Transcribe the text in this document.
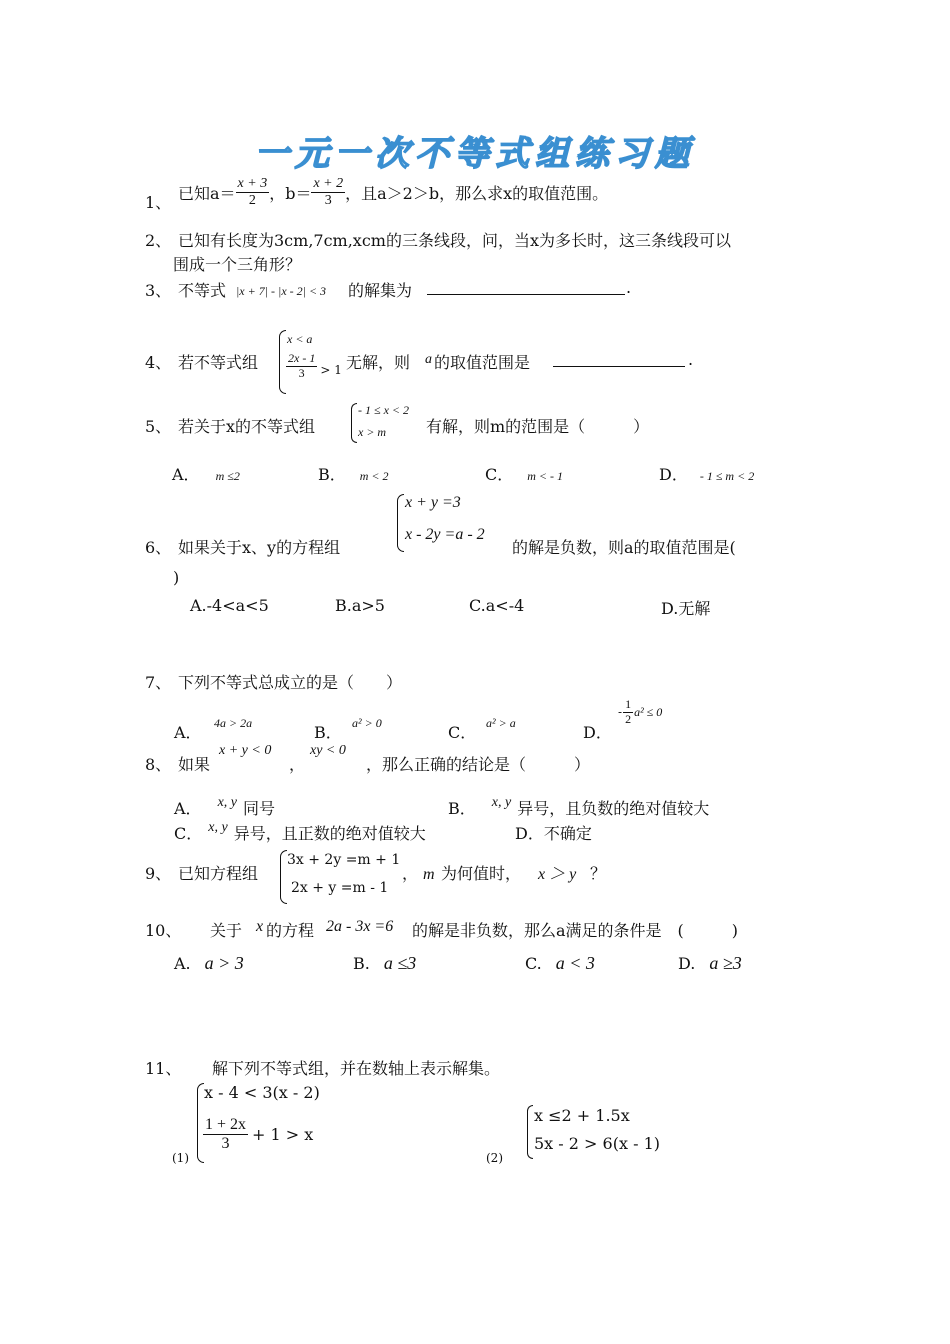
一元一次不等式组练习题
1、 已知$a= \frac{x + 3}{2}$ ，$b= \frac{x + 2}{3}$ ，且a＞2＞b，那么求x的取值范围。
2、 已知有长度为3cm,7cm,xcm的三条线段，问，当x为多长时，这三条线段可以
围成一个三角形？
3、 不等式 |x + 7| - |x - 2| < 3 的解集为	.
4、 若不等式组
x < a
$\frac{2x - 1}{3} > 1$ 无解，则 a 的取值范围是	.
5、 若关于x的不等式组
- 1 ≤ x < 2
x > m 有解，则m的范围是（　　　）
A． m ≤2	B． m < 2	C． m < - 1	D． - 1 ≤ m < 2
6、 如果关于x、y的方程组
x + y =3
x - 2y =a - 2
的解是负数，则a的取值范围是(
)
A.-4<a<5	B.a>5	C.a<-4	D.无解
7、 下列不等式总成立的是（　　）
A． 4a > 2a	B． a² > 0	C． a² > a	D．
- $\frac{1}{2} a^2 \le 0$
8、 如果
x + y < 0
，
xy < 0
，那么正确的结论是（　　　）
A． x, y 同号	B． x, y 异号，且负数的绝对值较大
C． x, y 异号，且正数的绝对值较大	D．不确定
9、 已知方程组
3x + 2y =m + 1
2x + y =m - 1
， m 为何值时， x ＞ y ？
10、 关于 x 的方程 2a - 3x =6 的解是非负数，那么a满足的条件是　(　　　)
A. a > 3	B. a ≤3	C. a < 3	D. a ≥3
11、 解下列不等式组，并在数轴上表示解集。
(1)
x - 4 < 3(x - 2)
$\frac{1 + 2x}{3} + 1 > x$
(2)
x ≤2 + 1.5x
5x - 2 > 6(x - 1)
